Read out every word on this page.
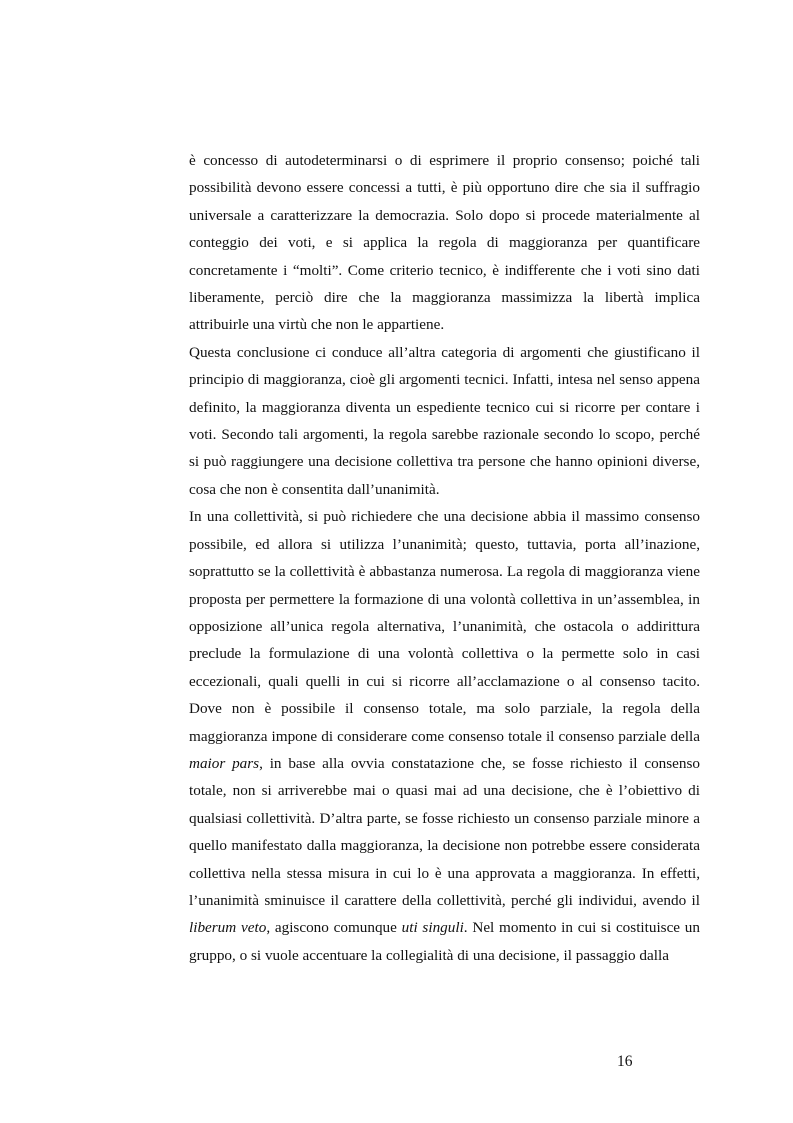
è concesso di autodeterminarsi o di esprimere il proprio consenso; poiché tali possibilità devono essere concessi a tutti, è più opportuno dire che sia il suffragio universale a caratterizzare la democrazia. Solo dopo si procede materialmente al conteggio dei voti, e si applica la regola di maggioranza per quantificare concretamente i “molti”. Come criterio tecnico, è indifferente che i voti sino dati liberamente, perciò dire che la maggioranza massimizza la libertà implica attribuirle una virtù che non le appartiene.

Questa conclusione ci conduce all’altra categoria di argomenti che giustificano il principio di maggioranza, cioè gli argomenti tecnici. Infatti, intesa nel senso appena definito, la maggioranza diventa un espediente tecnico cui si ricorre per contare i voti. Secondo tali argomenti, la regola sarebbe razionale secondo lo scopo, perché si può raggiungere una decisione collettiva tra persone che hanno opinioni diverse, cosa che non è consentita dall’unanimità.

In una collettività, si può richiedere che una decisione abbia il massimo consenso possibile, ed allora si utilizza l’unanimità; questo, tuttavia, porta all’inazione, soprattutto se la collettività è abbastanza numerosa. La regola di maggioranza viene proposta per permettere la formazione di una volontà collettiva in un’assemblea, in opposizione all’unica regola alternativa, l’unanimità, che ostacola o addirittura preclude la formulazione di una volontà collettiva o la permette solo in casi eccezionali, quali quelli in cui si ricorre all’acclamazione o al consenso tacito. Dove non è possibile il consenso totale, ma solo parziale, la regola della maggioranza impone di considerare come consenso totale il consenso parziale della maior pars, in base alla ovvia constatazione che, se fosse richiesto il consenso totale, non si arriverebbe mai o quasi mai ad una decisione, che è l’obiettivo di qualsiasi collettività. D’altra parte, se fosse richiesto un consenso parziale minore a quello manifestato dalla maggioranza, la decisione non potrebbe essere considerata collettiva nella stessa misura in cui lo è una approvata a maggioranza. In effetti, l’unanimità sminuisce il carattere della collettività, perché gli individui, avendo il liberum veto, agiscono comunque uti singuli. Nel momento in cui si costituisce un gruppo, o si vuole accentuare la collegialità di una decisione, il passaggio dalla

16
